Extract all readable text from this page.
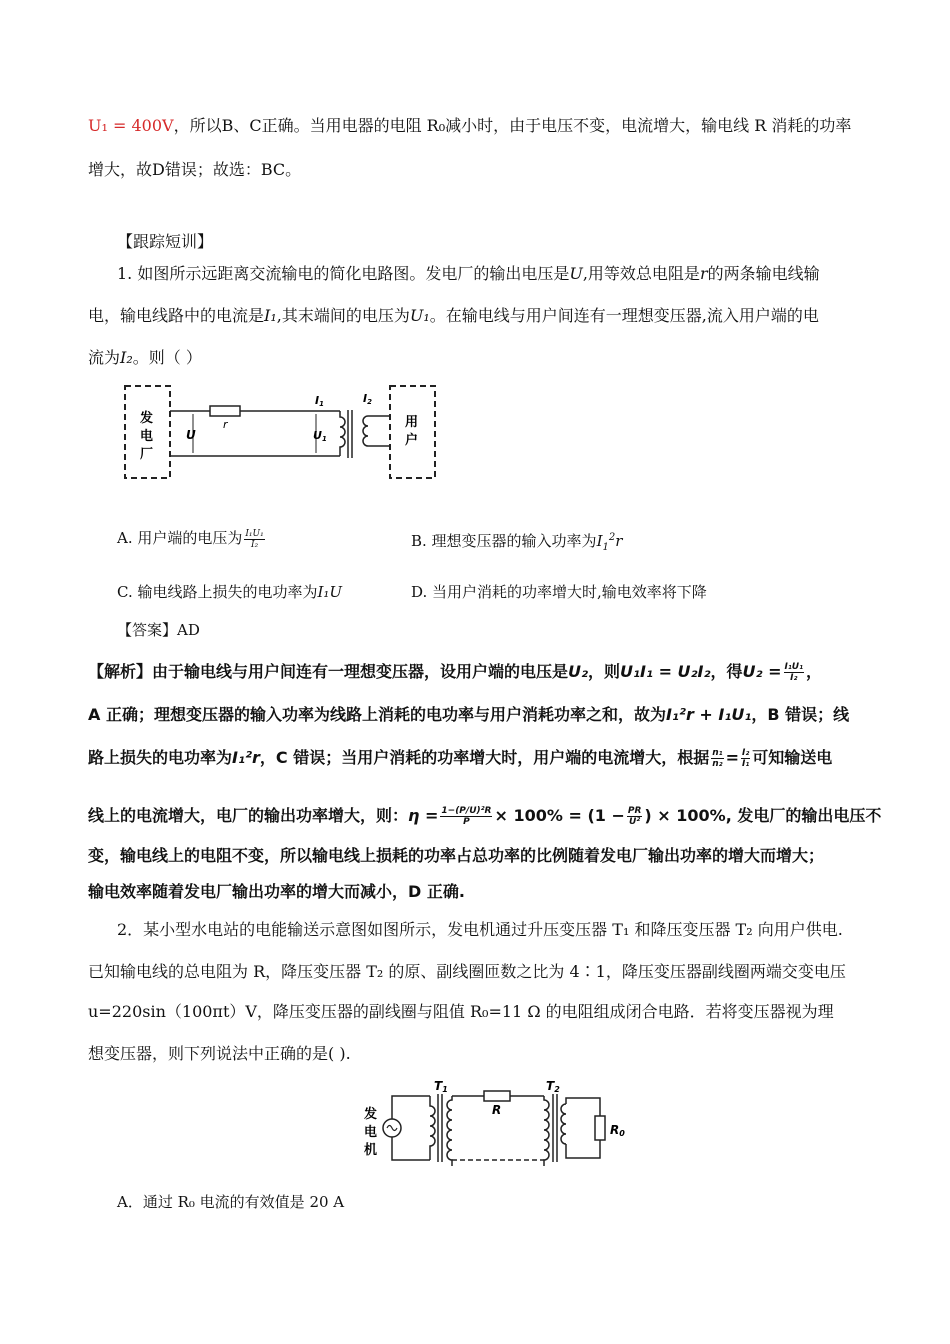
U₁ = 400V，所以B、C正确。当用电器的电阻 R₀减小时，由于电压不变，电流增大，输电线 R 消耗的功率
增大，故D错误；故选：BC。
【跟踪短训】
1. 如图所示远距离交流输电的简化电路图。发电厂的输出电压是U,用等效总电阻是r的两条输电线输
电，输电线路中的电流是I₁,其末端间的电压为U₁。在输电线与用户间连有一理想变压器,流入用户端的电
流为I₂。则（ ）
发
电
厂
r
U
I1
U1
I2
用
户
A. 用户端的电压为 $\frac{\text{I₁U₁}}{\text{I₂}}$	B. 理想变压器的输入功率为$I_1^2r$
C. 输电线路上损失的电功率为I₁U	D. 当用户消耗的功率增大时,输电效率将下降
【答案】AD
【解析】由于输电线与用户间连有一理想变压器，设用户端的电压是U₂，则U₁I₁ = U₂I₂，得$U_2 = \frac{\text{I₁U₁}}{\text{I₂}}$ ，
A 正确；理想变压器的输入功率为线路上消耗的电功率与用户消耗功率之和，故为I₁²r + I₁U₁，B 错误；线
路上损失的电功率为I₁²r，C 错误；当用户消耗的功率增大时，用户端的电流增大，根据 $\frac{\text{n₁}}{\text{n₂}} = \frac{\text{I₂}}{\text{I₁}}$ 可知输送电
线上的电流增大，电厂的输出功率增大，则：$\eta = \frac{\text{1−(P/U)²R}}{P} \times 100\% = (1 - \frac{PR}{\text{U²}}$ ) × 100%, 发电厂的输出电压不
变，输电线上的电阻不变，所以输电线上损耗的功率占总功率的比例随着发电厂输出功率的增大而增大；
输电效率随着发电厂输出功率的增大而减小，D 正确.
2．某小型水电站的电能输送示意图如图所示，发电机通过升压变压器 T₁ 和降压变压器 T₂ 向用户供电.
已知输电线的总电阻为 R，降压变压器 T₂ 的原、副线圈匝数之比为 4∶1，降压变压器副线圈两端交变电压
u=220sin（100πt）V，降压变压器的副线圈与阻值 R₀=11 Ω 的电阻组成闭合电路．若将变压器视为理
想变压器，则下列说法中正确的是( ).
发
电
机
T1
R
T2
R0
A．通过 R₀ 电流的有效值是 20 A
